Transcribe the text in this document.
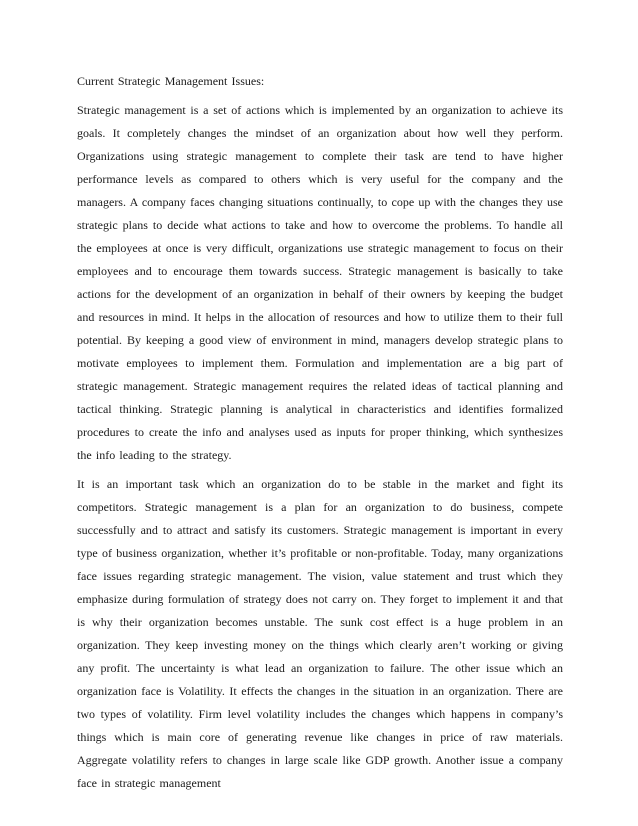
Current Strategic Management Issues:

Strategic management is a set of actions which is implemented by an organization to achieve its goals. It completely changes the mindset of an organization about how well they perform. Organizations using strategic management to complete their task are tend to have higher performance levels as compared to others which is very useful for the company and the managers. A company faces changing situations continually, to cope up with the changes they use strategic plans to decide what actions to take and how to overcome the problems. To handle all the employees at once is very difficult, organizations use strategic management to focus on their employees and to encourage them towards success. Strategic management is basically to take actions for the development of an organization in behalf of their owners by keeping the budget and resources in mind. It helps in the allocation of resources and how to utilize them to their full potential. By keeping a good view of environment in mind, managers develop strategic plans to motivate employees to implement them. Formulation and implementation are a big part of strategic management. Strategic management requires the related ideas of tactical planning and tactical thinking. Strategic planning is analytical in characteristics and identifies formalized procedures to create the info and analyses used as inputs for proper thinking, which synthesizes the info leading to the strategy.

It is an important task which an organization do to be stable in the market and fight its competitors. Strategic management is a plan for an organization to do business, compete successfully and to attract and satisfy its customers. Strategic management is important in every type of business organization, whether it’s profitable or non-profitable. Today, many organizations face issues regarding strategic management. The vision, value statement and trust which they emphasize during formulation of strategy does not carry on. They forget to implement it and that is why their organization becomes unstable. The sunk cost effect is a huge problem in an organization. They keep investing money on the things which clearly aren’t working or giving any profit. The uncertainty is what lead an organization to failure. The other issue which an organization face is Volatility. It effects the changes in the situation in an organization. There are two types of volatility. Firm level volatility includes the changes which happens in company’s things which is main core of generating revenue like changes in price of raw materials. Aggregate volatility refers to changes in large scale like GDP growth. Another issue a company face in strategic management
